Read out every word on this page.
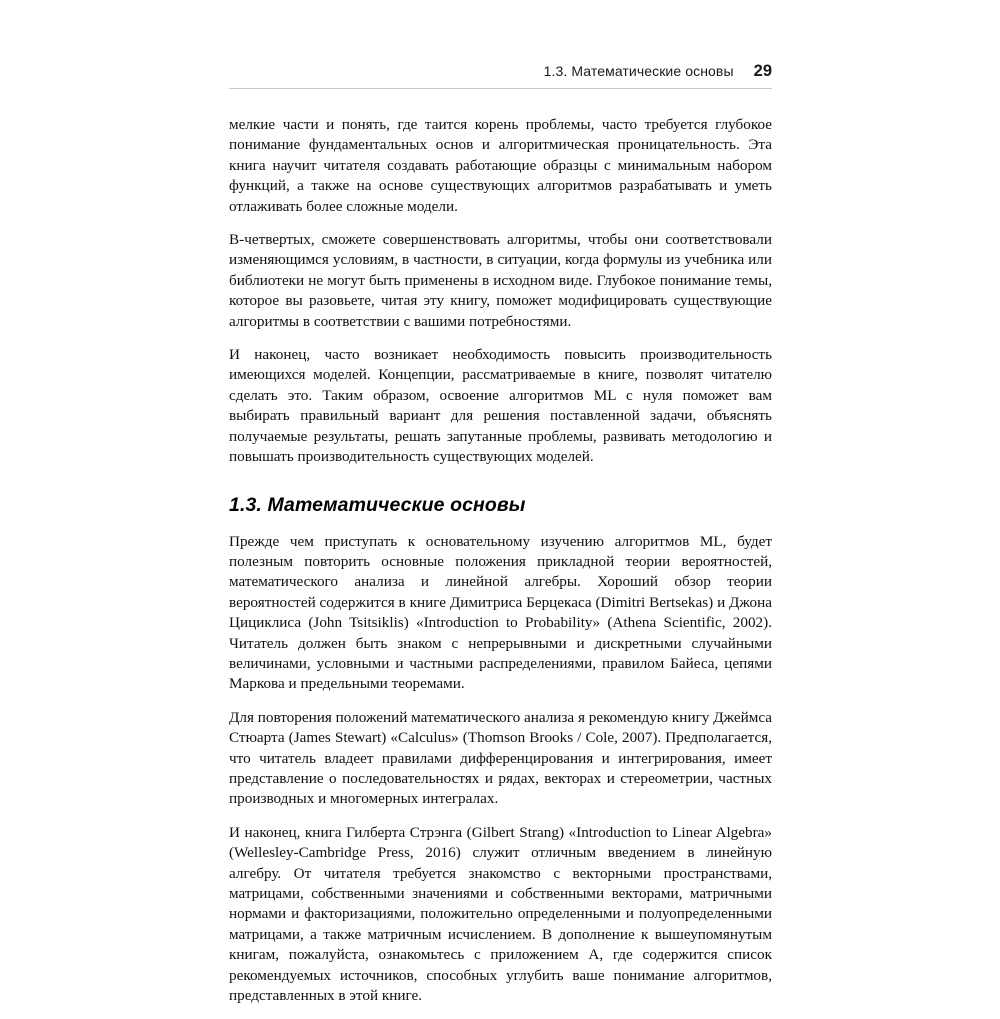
1.3. Математические основы 29

мелкие части и понять, где таится корень проблемы, часто требуется глубокое понимание фундаментальных основ и алгоритмическая проницательность. Эта книга научит читателя создавать работающие образцы с минимальным набором функций, а также на основе существующих алгоритмов разрабатывать и уметь отлаживать более сложные модели.

В-четвертых, сможете совершенствовать алгоритмы, чтобы они соответствовали изменяющимся условиям, в частности, в ситуации, когда формулы из учебника или библиотеки не могут быть применены в исходном виде. Глубокое понимание темы, которое вы разовьете, читая эту книгу, поможет модифицировать существующие алгоритмы в соответствии с вашими потребностями.

И наконец, часто возникает необходимость повысить производительность имеющихся моделей. Концепции, рассматриваемые в книге, позволят читателю сделать это. Таким образом, освоение алгоритмов ML с нуля поможет вам выбирать правильный вариант для решения поставленной задачи, объяснять получаемые результаты, решать запутанные проблемы, развивать методологию и повышать производительность существующих моделей.

1.3. Математические основы

Прежде чем приступать к основательному изучению алгоритмов ML, будет полезным повторить основные положения прикладной теории вероятностей, математического анализа и линейной алгебры. Хороший обзор теории вероятностей содержится в книге Димитриса Берцекаса (Dimitri Bertsekas) и Джона Цициклиса (John Tsitsiklis) «Introduction to Probability» (Athena Scientific, 2002). Читатель должен быть знаком с непрерывными и дискретными случайными величинами, условными и частными распределениями, правилом Байеса, цепями Маркова и предельными теоремами.

Для повторения положений математического анализа я рекомендую книгу Джеймса Стюарта (James Stewart) «Calculus» (Thomson Brooks / Cole, 2007). Предполагается, что читатель владеет правилами дифференцирования и интегрирования, имеет представление о последовательностях и рядах, векторах и стереометрии, частных производных и многомерных интегралах.

И наконец, книга Гилберта Стрэнга (Gilbert Strang) «Introduction to Linear Algebra» (Wellesley-Cambridge Press, 2016) служит отличным введением в линейную алгебру. От читателя требуется знакомство с векторными пространствами, матрицами, собственными значениями и собственными векторами, матричными нормами и факторизациями, положительно определенными и полуопределенными матрицами, а также матричным исчислением. В дополнение к вышеупомянутым книгам, пожалуйста, ознакомьтесь с приложением А, где содержится список рекомендуемых источников, способных углубить ваше понимание алгоритмов, представленных в этой книге.
